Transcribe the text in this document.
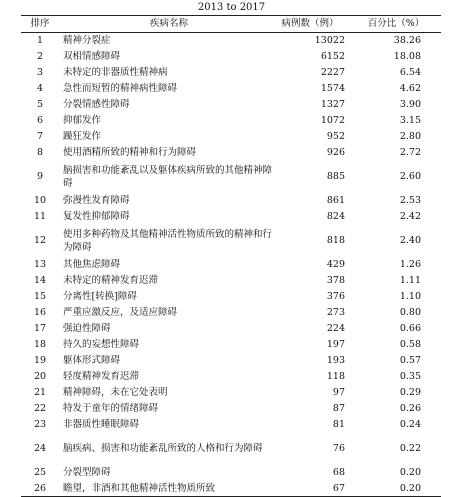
2013 to 2017
排序	疾病名称	病例数（例）	百分比（%）
1	精神分裂症	13022	38.26
2	双相情感障碍	6152	18.08
3	未特定的非器质性精神病	2227	6.54
4	急性而短暂的精神病性障碍	1574	4.62
5	分裂情感性障碍	1327	3.90
6	抑郁发作	1072	3.15
7	躁狂发作	952	2.80
8	使用酒精所致的精神和行为障碍	926	2.72
9	脑损害和功能紊乱以及躯体疾病所致的其他精神障碍	885	2.60
10	弥漫性发育障碍	861	2.53
11	复发性抑郁障碍	824	2.42
12	使用多种药物及其他精神活性物质所致的精神和行为障碍	818	2.40
13	其他焦虑障碍	429	1.26
14	未特定的精神发育迟滞	378	1.11
15	分离性[转换]障碍	376	1.10
16	严重应激反应，及适应障碍	273	0.80
17	强迫性障碍	224	0.66
18	持久的妄想性障碍	197	0.58
19	躯体形式障碍	193	0.57
20	轻度精神发育迟滞	118	0.35
21	精神障碍，未在它处表明	97	0.29
22	特发于童年的情绪障碍	87	0.26
23	非器质性睡眠障碍	81	0.24
24	脑疾病、损害和功能紊乱所致的人格和行为障碍	76	0.22
25	分裂型障碍	68	0.20
26	瞻望，非酒和其他精神活性物质所致	67	0.20
